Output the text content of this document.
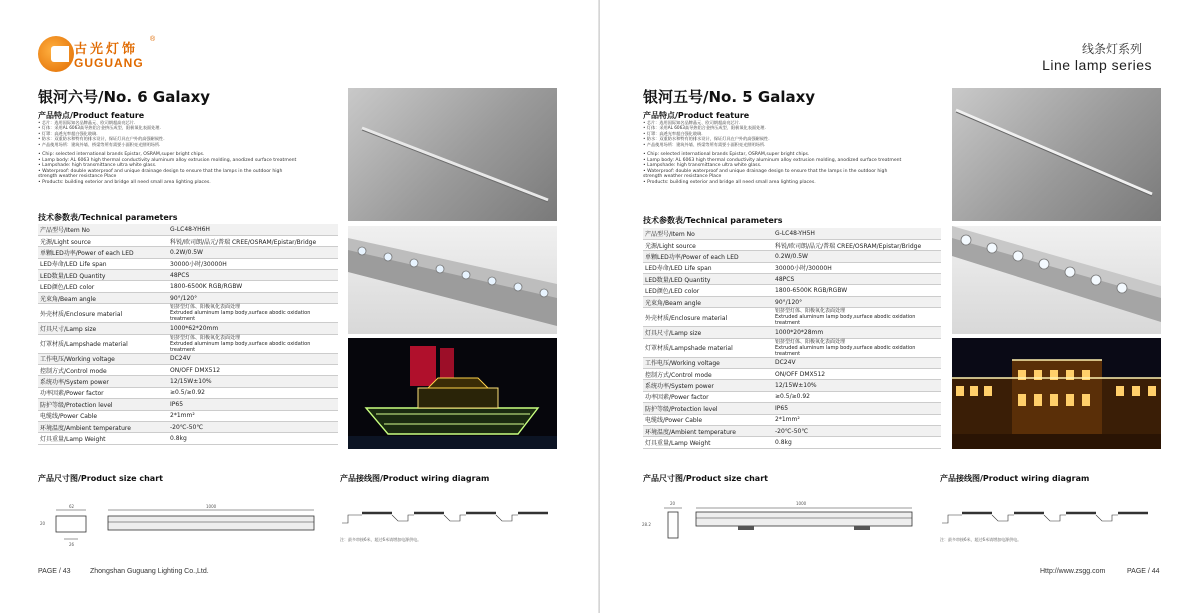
古光灯饰
GUGUANG
®
银河六号/No. 6 Galaxy
产品特点/Product feature
• 芯片：选用国际知名品牌晶元、欧司朗超高亮芯片.
• 灯体：采用AL 6063高导热铝合金挤压成型、阳极氧化表面处理.
• 灯罩：高透光率超白强化玻璃.
• 防水：双重防水和特有的排水设计，保证灯具在户外的高强耐候性.
• 产品使用场所：建筑外墙、桥梁等所有需要小面积亮光照明场所.
• Chip: selected international brands Epistar, OSRAM,super bright chips.
• Lamp body: AL 6063 high thermal conductivity aluminum alloy extrusion molding, anodized surface treatment
• Lampshade: high transmittance ultra white glass.
• Waterproof: double waterproof and unique drainage design to ensure that the lamps in the outdoor high
strength weather resistance Place
• Products: building exterior and bridge all need small area lighting places.
技术参数表/Technical parameters
产品型号/Item No	G-LC48-YH6H
光源/Light source	科锐/欧司朗/晶元/普瑞 CREE/OSRAM/Epistar/Bridge
单颗LED功率/Power of each LED	0.2W/0.5W
LED寿命/LED Life span	30000小时/30000H
LED数量/LED Quantity	48PCS
LED颜色/LED color	1800-6500K RGB/RGBW
光束角/Beam angle	90°/120°
外壳材质/Enclosure material	铝挤型灯体、阳极氧化表面处理
Extruded aluminum lamp body,surface abodic oxidation treatment

灯具尺寸/Lamp size	1000*62*20mm
灯罩材质/Lampshade material	铝挤型灯体、阳极氧化表面处理
Extruded aluminum lamp body,surface abodic oxidation treatment

工作电压/Working voltage	DC24V
控制方式/Control mode	ON/OFF DMX512
系统功率/System power	12/15W±10%
功率因素/Power factor	≥0.5/≥0.92
防护等级/Protection level	IP65
电缆线/Power Cable	2*1mm²
环境温度/Ambient temperature	-20℃-50℃
灯具重量/Lamp Weight	0.8kg
产品尺寸图/Product size chart	产品接线图/Product wiring diagram
62
20
26
1000
注：最多串接6米，超过6米请增加电源供电。
PAGE / 43	Zhongshan Guguang Lighting Co.,Ltd.
线条灯系列
Line lamp series
银河五号/No. 5 Galaxy
产品特点/Product feature
• 芯片：选用国际知名品牌晶元、欧司朗超高亮芯片.
• 灯体：采用AL 6063高导热铝合金挤压成型、阳极氧化表面处理.
• 灯罩：高透光率超白强化玻璃.
• 防水：双重防水和特有的排水设计，保证灯具在户外的高强耐候性.
• 产品使用场所：建筑外墙、桥梁等所有需要小面积亮光照明场所.
• Chip: selected international brands Epistar, OSRAM,super bright chips.
• Lamp body: AL 6063 high thermal conductivity aluminum alloy extrusion molding, anodized surface treatment
• Lampshade: high transmittance ultra white glass.
• Waterproof: double waterproof and unique drainage design to ensure that the lamps in the outdoor high
strength weather resistance Place
• Products: building exterior and bridge all need small area lighting places.
技术参数表/Technical parameters
产品型号/Item No	G-LC48-YH5H
光源/Light source	科锐/欧司朗/晶元/普瑞 CREE/OSRAM/Epistar/Bridge
单颗LED功率/Power of each LED	0.2W/0.5W
LED寿命/LED Life span	30000小时/30000H
LED数量/LED Quantity	48PCS
LED颜色/LED color	1800-6500K RGB/RGBW
光束角/Beam angle	90°/120°
外壳材质/Enclosure material	铝挤型灯体、阳极氧化表面处理
Extruded aluminum lamp body,surface abodic oxidation treatment

灯具尺寸/Lamp size	1000*20*28mm
灯罩材质/Lampshade material	铝挤型灯体、阳极氧化表面处理
Extruded aluminum lamp body,surface abodic oxidation treatment

工作电压/Working voltage	DC24V
控制方式/Control mode	ON/OFF DMX512
系统功率/System power	12/15W±10%
功率因素/Power factor	≥0.5/≥0.92
防护等级/Protection level	IP65
电缆线/Power Cable	2*1mm²
环境温度/Ambient temperature	-20℃-50℃
灯具重量/Lamp Weight	0.8kg
产品尺寸图/Product size chart	产品接线图/Product wiring diagram
20
28.2
1000
注：最多串接6米，超过6米请增加电源供电。
Http://www.zsgg.com	PAGE / 44
